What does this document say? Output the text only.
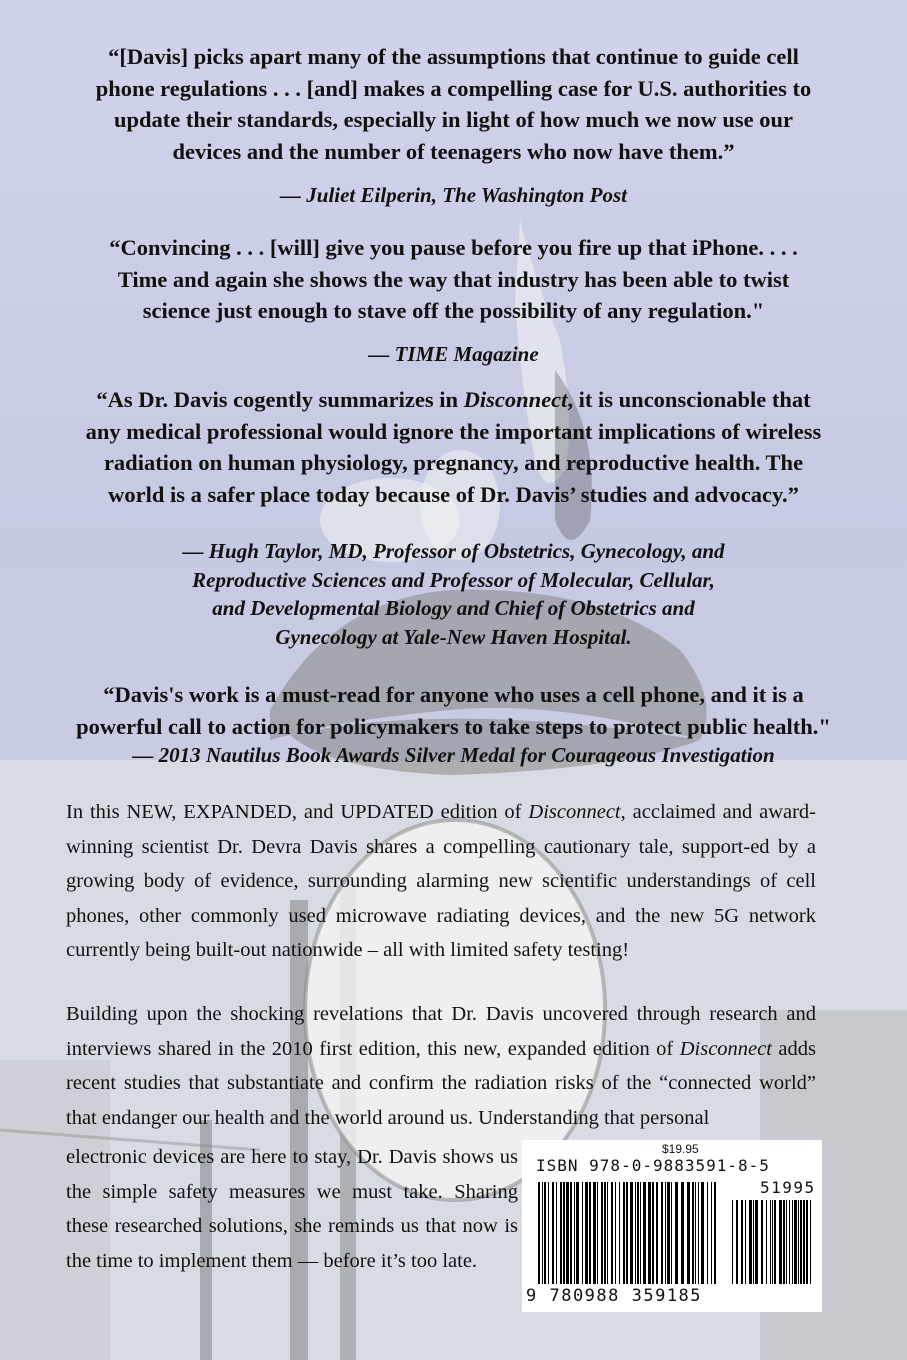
“[Davis] picks apart many of the assumptions that continue to guide cell
phone regulations . . . [and] makes a compelling case for U.S. authorities to
update their standards, especially in light of how much we now use our
devices and the number of teenagers who now have them.”

— Juliet Eilperin, The Washington Post

“Convincing . . . [will] give you pause before you fire up that iPhone. . . .
Time and again she shows the way that industry has been able to twist
science just enough to stave off the possibility of any regulation."

— TIME Magazine

“As Dr. Davis cogently summarizes in Disconnect, it is unconscionable that
any medical professional would ignore the important implications of wireless
radiation on human physiology, pregnancy, and reproductive health. The
world is a safer place today because of Dr. Davis’ studies and advocacy.”

— Hugh Taylor, MD, Professor of Obstetrics, Gynecology, and
Reproductive Sciences and Professor of Molecular, Cellular,
and Developmental Biology and Chief of Obstetrics and
Gynecology at Yale-New Haven Hospital.

“Davis's work is a must-read for anyone who uses a cell phone, and it is a
powerful call to action for policymakers to take steps to protect public health."

— 2013 Nautilus Book Awards Silver Medal for Courageous Investigation

In this NEW, EXPANDED, and UPDATED edition of Disconnect, acclaimed and award-winning scientist Dr. Devra Davis shares a compelling cautionary tale, support-ed by a growing body of evidence, surrounding alarming new scientific understandings of cell phones, other commonly used microwave radiating devices, and the new 5G network currently being built-out nationwide – all with limited safety testing!

Building upon the shocking revelations that Dr. Davis uncovered through research and interviews shared in the 2010 first edition, this new, expanded edition of Disconnect adds recent studies that substantiate and confirm the radiation risks of the “connected world” that endanger our health and the world around us. Understanding that personal

electronic devices are here to stay, Dr. Davis shows us the simple safety measures we must take. Sharing these researched solutions, she reminds us that now is the time to implement them — before it’s too late.

$19.95
ISBN 978-0-9883591-8-5
51995
9 780988 359185
